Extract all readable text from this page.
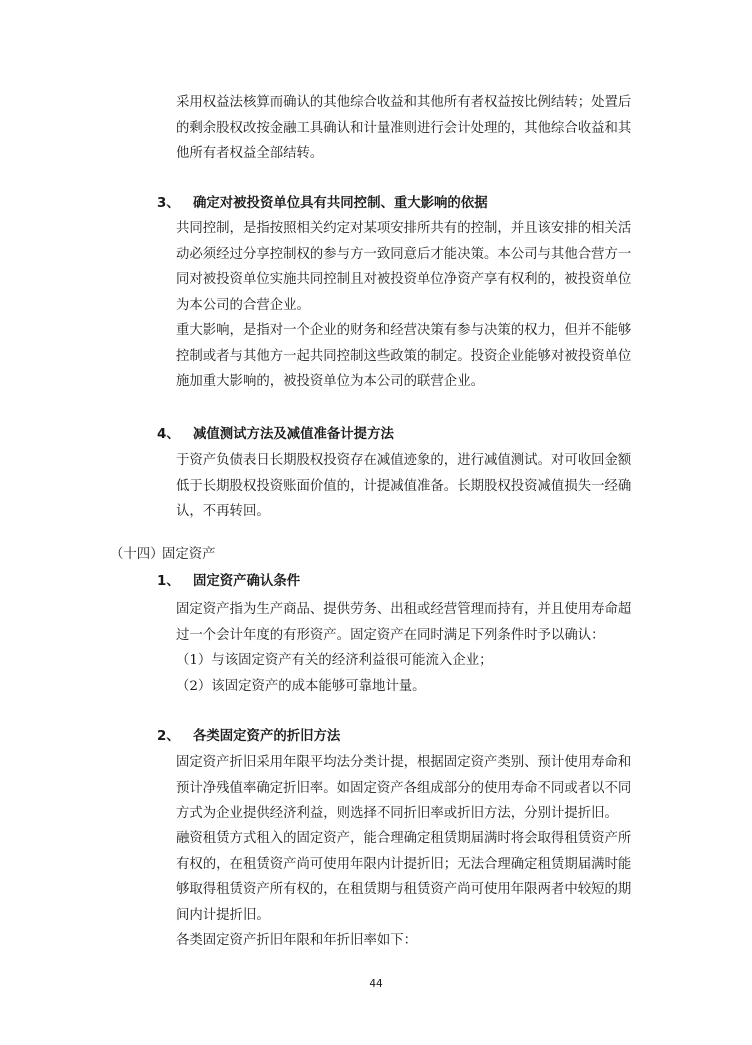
采用权益法核算而确认的其他综合收益和其他所有者权益按比例结转；处置后
的剩余股权改按金融工具确认和计量准则进行会计处理的，其他综合收益和其
他所有者权益全部结转。
3、 确定对被投资单位具有共同控制、重大影响的依据
共同控制，是指按照相关约定对某项安排所共有的控制，并且该安排的相关活
动必须经过分享控制权的参与方一致同意后才能决策。本公司与其他合营方一
同对被投资单位实施共同控制且对被投资单位净资产享有权利的，被投资单位
为本公司的合营企业。
重大影响，是指对一个企业的财务和经营决策有参与决策的权力，但并不能够
控制或者与其他方一起共同控制这些政策的制定。投资企业能够对被投资单位
施加重大影响的，被投资单位为本公司的联营企业。
4、 减值测试方法及减值准备计提方法
于资产负债表日长期股权投资存在减值迹象的，进行减值测试。对可收回金额
低于长期股权投资账面价值的，计提减值准备。长期股权投资减值损失一经确
认，不再转回。
（十四）固定资产
1、 固定资产确认条件
固定资产指为生产商品、提供劳务、出租或经营管理而持有，并且使用寿命超
过一个会计年度的有形资产。固定资产在同时满足下列条件时予以确认：
（1）与该固定资产有关的经济利益很可能流入企业；
（2）该固定资产的成本能够可靠地计量。
2、 各类固定资产的折旧方法
固定资产折旧采用年限平均法分类计提，根据固定资产类别、预计使用寿命和
预计净残值率确定折旧率。如固定资产各组成部分的使用寿命不同或者以不同
方式为企业提供经济利益，则选择不同折旧率或折旧方法，分别计提折旧。
融资租赁方式租入的固定资产，能合理确定租赁期届满时将会取得租赁资产所
有权的，在租赁资产尚可使用年限内计提折旧；无法合理确定租赁期届满时能
够取得租赁资产所有权的，在租赁期与租赁资产尚可使用年限两者中较短的期
间内计提折旧。
各类固定资产折旧年限和年折旧率如下：
44
